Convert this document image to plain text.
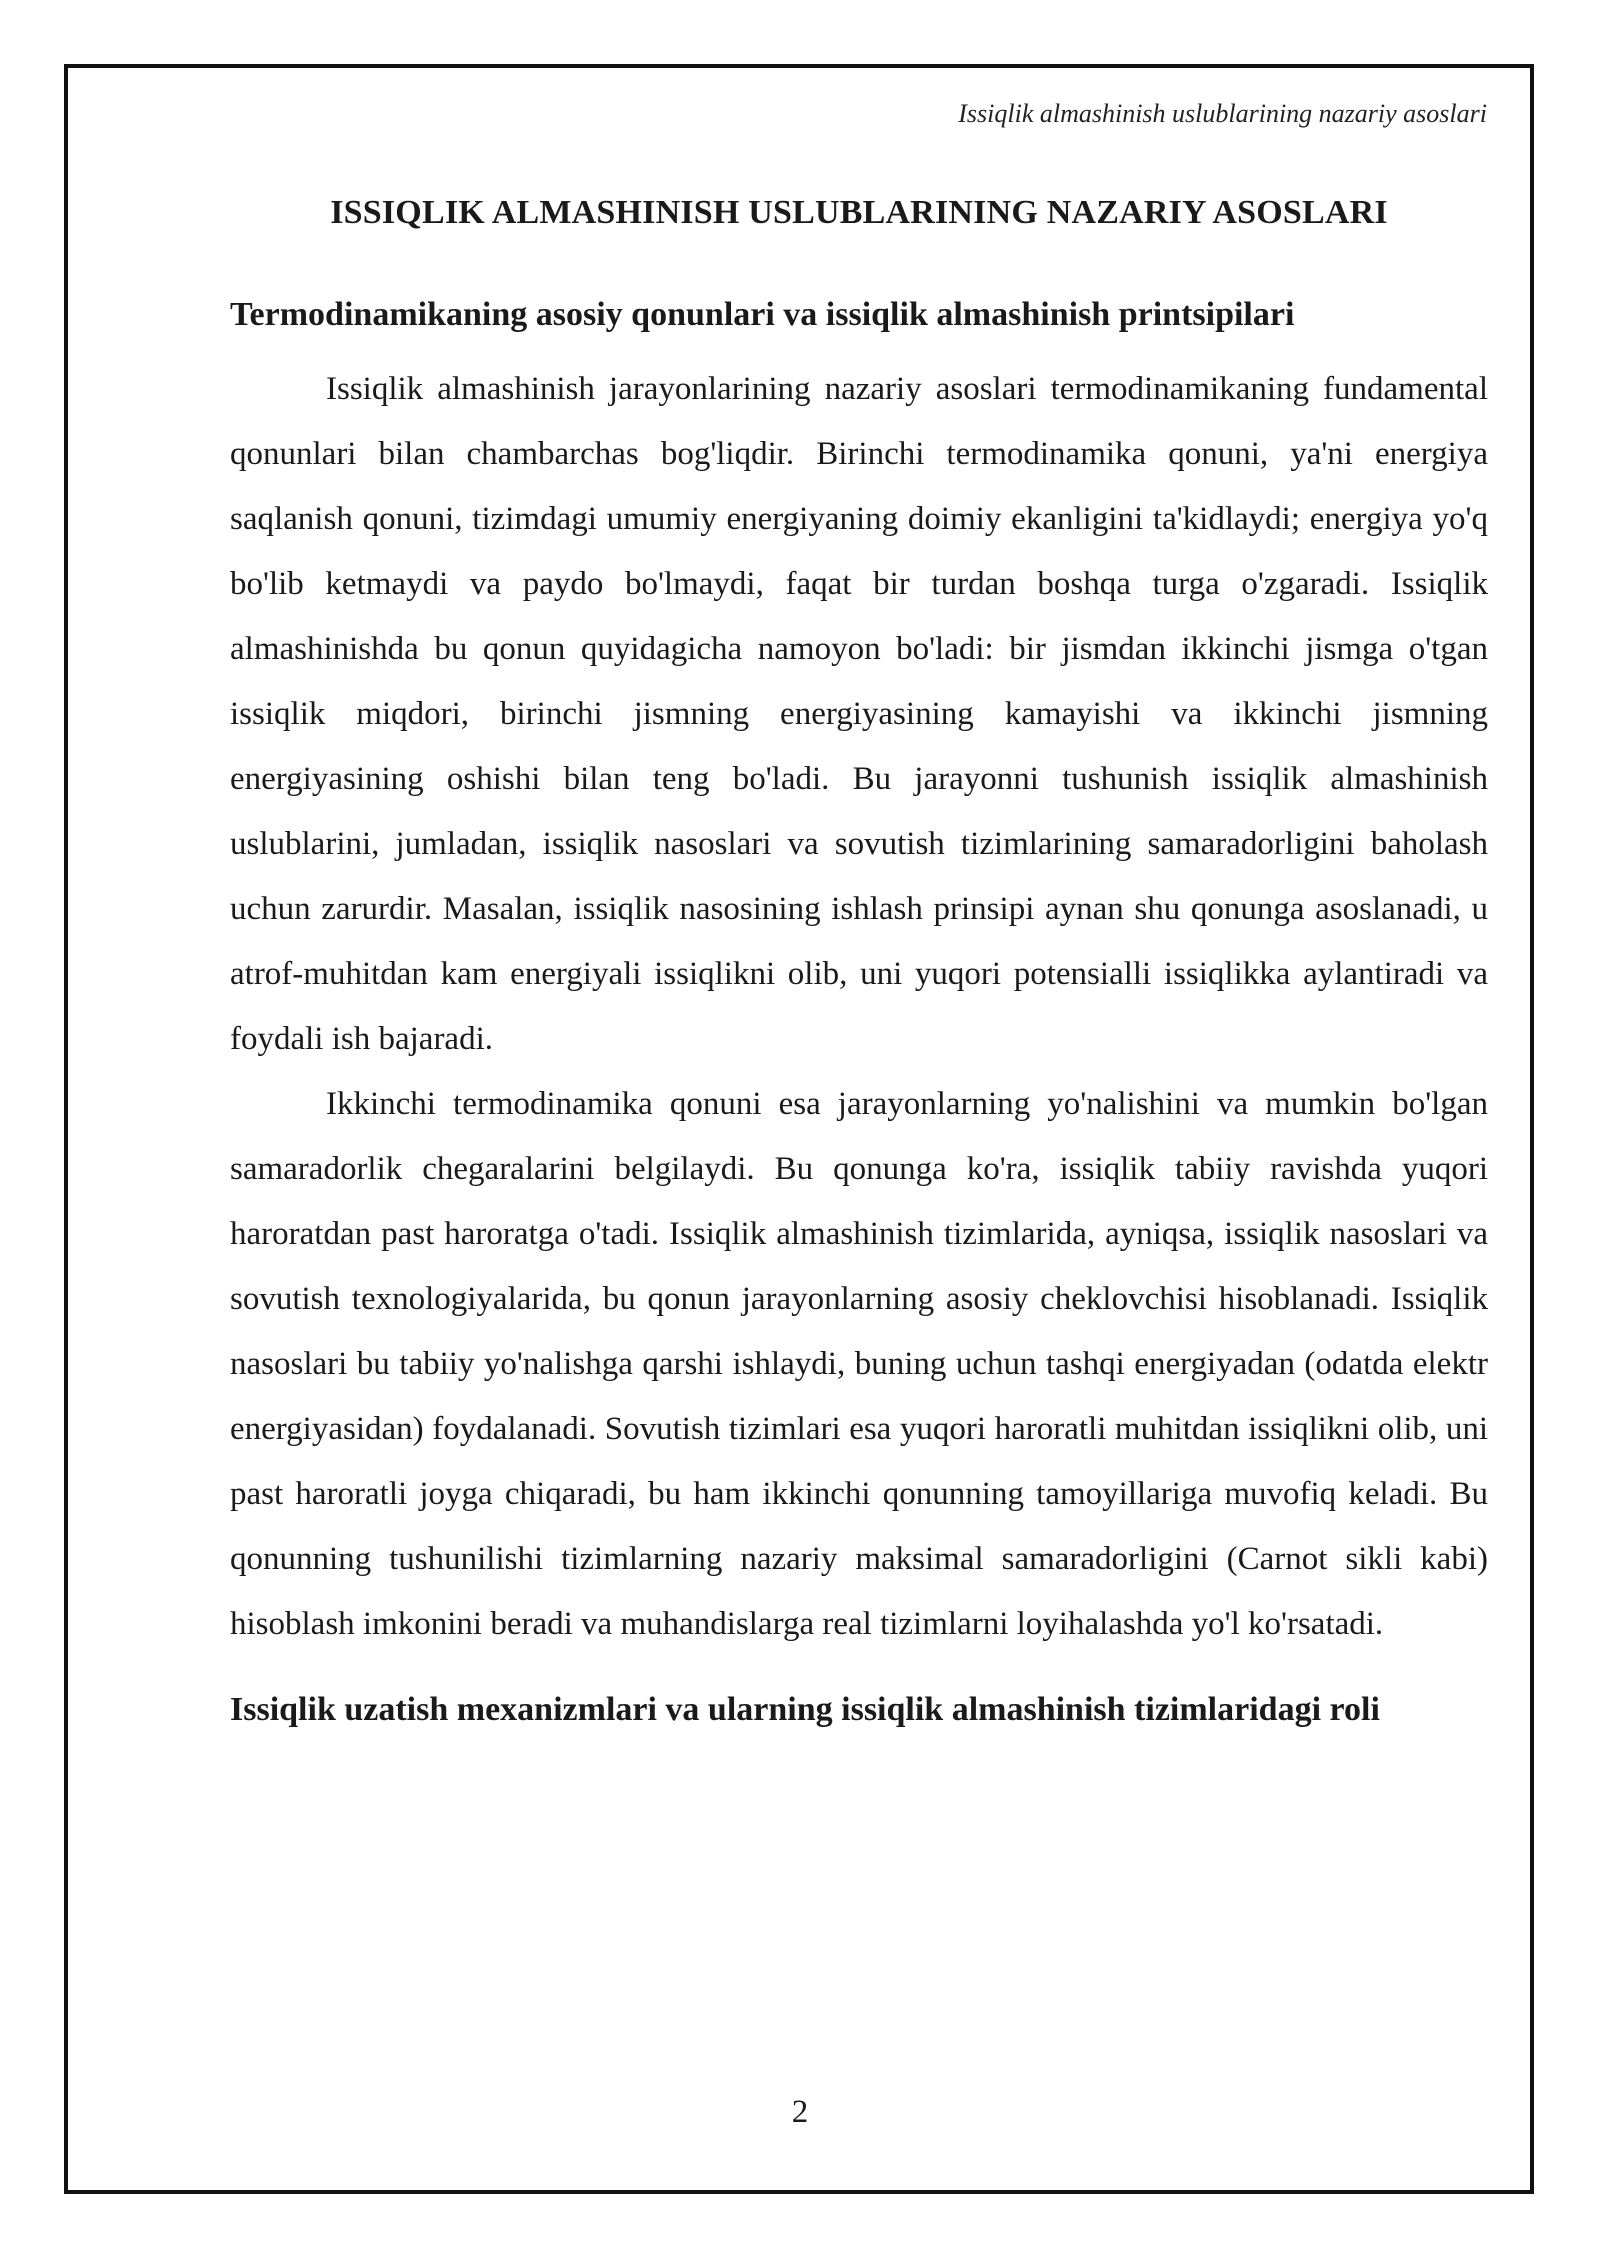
Issiqlik almashinish uslublarining nazariy asoslari
ISSIQLIK ALMASHINISH USLUBLARINING NAZARIY ASOSLARI
Termodinamikaning asosiy qonunlari va issiqlik almashinish printsipilari

Issiqlik almashinish jarayonlarining nazariy asoslari termodinamikaning fundamental qonunlari bilan chambarchas bog'liqdir. Birinchi termodinamika qonuni, ya'ni energiya saqlanish qonuni, tizimdagi umumiy energiyaning doimiy ekanligini ta'kidlaydi; energiya yo'q bo'lib ketmaydi va paydo bo'lmaydi, faqat bir turdan boshqa turga o'zgaradi. Issiqlik almashinishda bu qonun quyidagicha namoyon bo'ladi: bir jismdan ikkinchi jismga o'tgan issiqlik miqdori, birinchi jismning energiyasining kamayishi va ikkinchi jismning energiyasining oshishi bilan teng bo'ladi. Bu jarayonni tushunish issiqlik almashinish uslublarini, jumladan, issiqlik nasoslari va sovutish tizimlarining samaradorligini baholash uchun zarurdir. Masalan, issiqlik nasosining ishlash prinsipi aynan shu qonunga asoslanadi, u atrof-muhitdan kam energiyali issiqlikni olib, uni yuqori potensialli issiqlikka aylantiradi va foydali ish bajaradi.

Ikkinchi termodinamika qonuni esa jarayonlarning yo'nalishini va mumkin bo'lgan samaradorlik chegaralarini belgilaydi. Bu qonunga ko'ra, issiqlik tabiiy ravishda yuqori haroratdan past haroratga o'tadi. Issiqlik almashinish tizimlarida, ayniqsa, issiqlik nasoslari va sovutish texnologiyalarida, bu qonun jarayonlarning asosiy cheklovchisi hisoblanadi. Issiqlik nasoslari bu tabiiy yo'nalishga qarshi ishlaydi, buning uchun tashqi energiyadan (odatda elektr energiyasidan) foydalanadi. Sovutish tizimlari esa yuqori haroratli muhitdan issiqlikni olib, uni past haroratli joyga chiqaradi, bu ham ikkinchi qonunning tamoyillariga muvofiq keladi. Bu qonunning tushunilishi tizimlarning nazariy maksimal samaradorligini (Carnot sikli kabi) hisoblash imkonini beradi va muhandislarga real tizimlarni loyihalashda yo'l ko'rsatadi.

Issiqlik uzatish mexanizmlari va ularning issiqlik almashinish tizimlaridagi roli
2
